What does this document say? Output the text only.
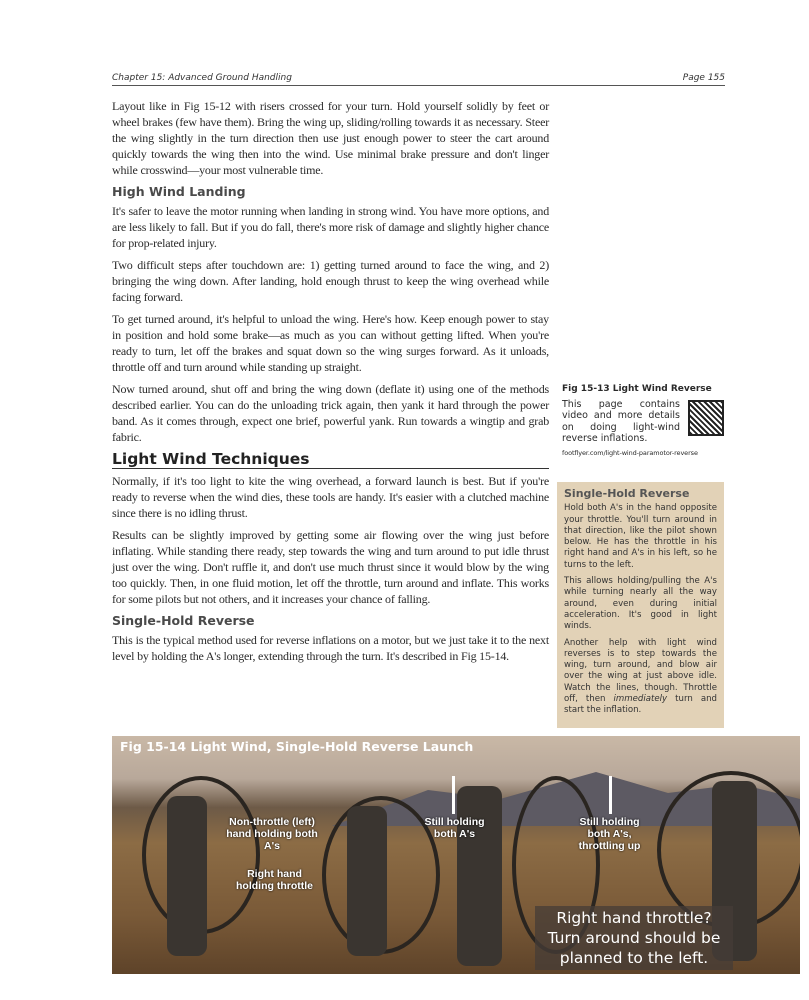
Chapter 15: Advanced Ground Handling	Page 155

Layout like in Fig 15-12 with risers crossed for your turn. Hold yourself solidly by feet or wheel brakes (few have them). Bring the wing up, sliding/rolling towards it as necessary. Steer the wing slightly in the turn direction then use just enough power to steer the cart around quickly towards the wing then into the wind. Use minimal brake pressure and don't linger while crosswind—your most vulnerable time.

High Wind Landing

It's safer to leave the motor running when landing in strong wind. You have more options, and are less likely to fall. But if you do fall, there's more risk of damage and slightly higher chance for prop-related injury.

Two difficult steps after touchdown are: 1) getting turned around to face the wing, and 2) bringing the wing down. After landing, hold enough thrust to keep the wing overhead while facing forward.

To get turned around, it's helpful to unload the wing. Here's how. Keep enough power to stay in position and hold some brake—as much as you can without getting lifted. When you're ready to turn, let off the brakes and squat down so the wing surges forward. As it unloads, throttle off and turn around while standing up straight.

Now turned around, shut off and bring the wing down (deflate it) using one of the methods described earlier. You can do the unloading trick again, then yank it hard through the power band. As it comes through, expect one brief, powerful yank. Run towards a wingtip and grab fabric.

Light Wind Techniques

Normally, if it's too light to kite the wing overhead, a forward launch is best. But if you're ready to reverse when the wind dies, these tools are handy. It's easier with a clutched machine since there is no idling thrust.

Results can be slightly improved by getting some air flowing over the wing just before inflating. While standing there ready, step towards the wing and turn around to put idle thrust just over the wing. Don't ruffle it, and don't use much thrust since it would blow by the wing too quickly. Then, in one fluid motion, let off the throttle, turn around and inflate. This works for some pilots but not others, and it increases your chance of falling.

Single-Hold Reverse

This is the typical method used for reverse inflations on a motor, but we just take it to the next level by holding the A's longer, extending through the turn. It's described in Fig 15-14.

Fig 15-13 Light Wind Reverse
This page contains video and more details on doing light-wind reverse inflations.
footflyer.com/light-wind-paramotor-reverse
Fig 15-14 Light Wind, Single-Hold Reverse Launch
Non-throttle (left) hand holding both A's
Right hand holding throttle
Still holding both A's
Still holding both A's, throttling up
Right hand throttle? Turn around should be planned to the left.
Single-Hold Reverse

Hold both A's in the hand opposite your throttle. You'll turn around in that direction, like the pilot shown below. He has the throttle in his right hand and A's in his left, so he turns to the left.

This allows holding/pulling the A's while turning nearly all the way around, even during initial acceleration. It's good in light winds.

Another help with light wind reverses is to step towards the wing, turn around, and blow air over the wing at just above idle. Watch the lines, though. Throttle off, then immediately turn and start the inflation.
